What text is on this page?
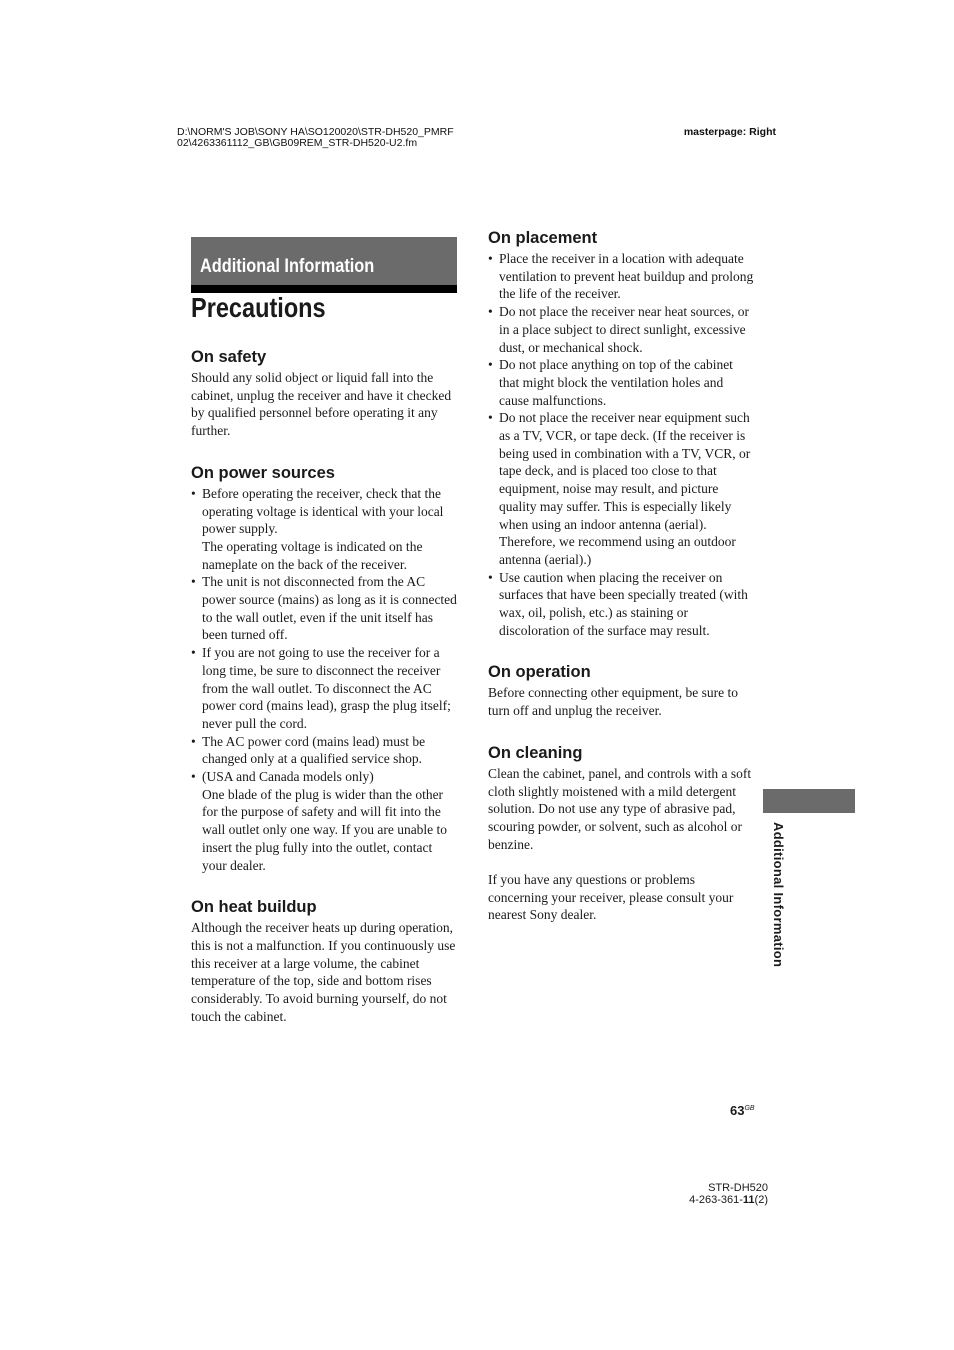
D:\NORM'S JOB\SONY HA\SO120020\STR-DH520_PMRF
02\4263361112_GB\GB09REM_STR-DH520-U2.fm
masterpage: Right
Additional Information
Precautions
On safety

Should any solid object or liquid fall into the cabinet, unplug the receiver and have it checked by qualified personnel before operating it any further.

On power sources
• Before operating the receiver, check that the operating voltage is identical with your local power supply.
The operating voltage is indicated on the nameplate on the back of the receiver.
• The unit is not disconnected from the AC power source (mains) as long as it is connected to the wall outlet, even if the unit itself has been turned off.
• If you are not going to use the receiver for a long time, be sure to disconnect the receiver from the wall outlet. To disconnect the AC power cord (mains lead), grasp the plug itself; never pull the cord.
• The AC power cord (mains lead) must be changed only at a qualified service shop.
• (USA and Canada models only)
One blade of the plug is wider than the other for the purpose of safety and will fit into the wall outlet only one way. If you are unable to insert the plug fully into the outlet, contact your dealer.
On heat buildup

Although the receiver heats up during operation, this is not a malfunction. If you continuously use this receiver at a large volume, the cabinet temperature of the top, side and bottom rises considerably. To avoid burning yourself, do not touch the cabinet.

On placement
• Place the receiver in a location with adequate ventilation to prevent heat buildup and prolong the life of the receiver.
• Do not place the receiver near heat sources, or in a place subject to direct sunlight, excessive dust, or mechanical shock.
• Do not place anything on top of the cabinet that might block the ventilation holes and cause malfunctions.
• Do not place the receiver near equipment such as a TV, VCR, or tape deck. (If the receiver is being used in combination with a TV, VCR, or tape deck, and is placed too close to that equipment, noise may result, and picture quality may suffer. This is especially likely when using an indoor antenna (aerial). Therefore, we recommend using an outdoor antenna (aerial).)
• Use caution when placing the receiver on surfaces that have been specially treated (with wax, oil, polish, etc.) as staining or discoloration of the surface may result.
On operation

Before connecting other equipment, be sure to turn off and unplug the receiver.

On cleaning

Clean the cabinet, panel, and controls with a soft cloth slightly moistened with a mild detergent solution. Do not use any type of abrasive pad, scouring powder, or solvent, such as alcohol or benzine.

If you have any questions or problems concerning your receiver, please consult your nearest Sony dealer.	Additional Information
$63^{GB}$
STR-DH520
4-263-361-11(2)
